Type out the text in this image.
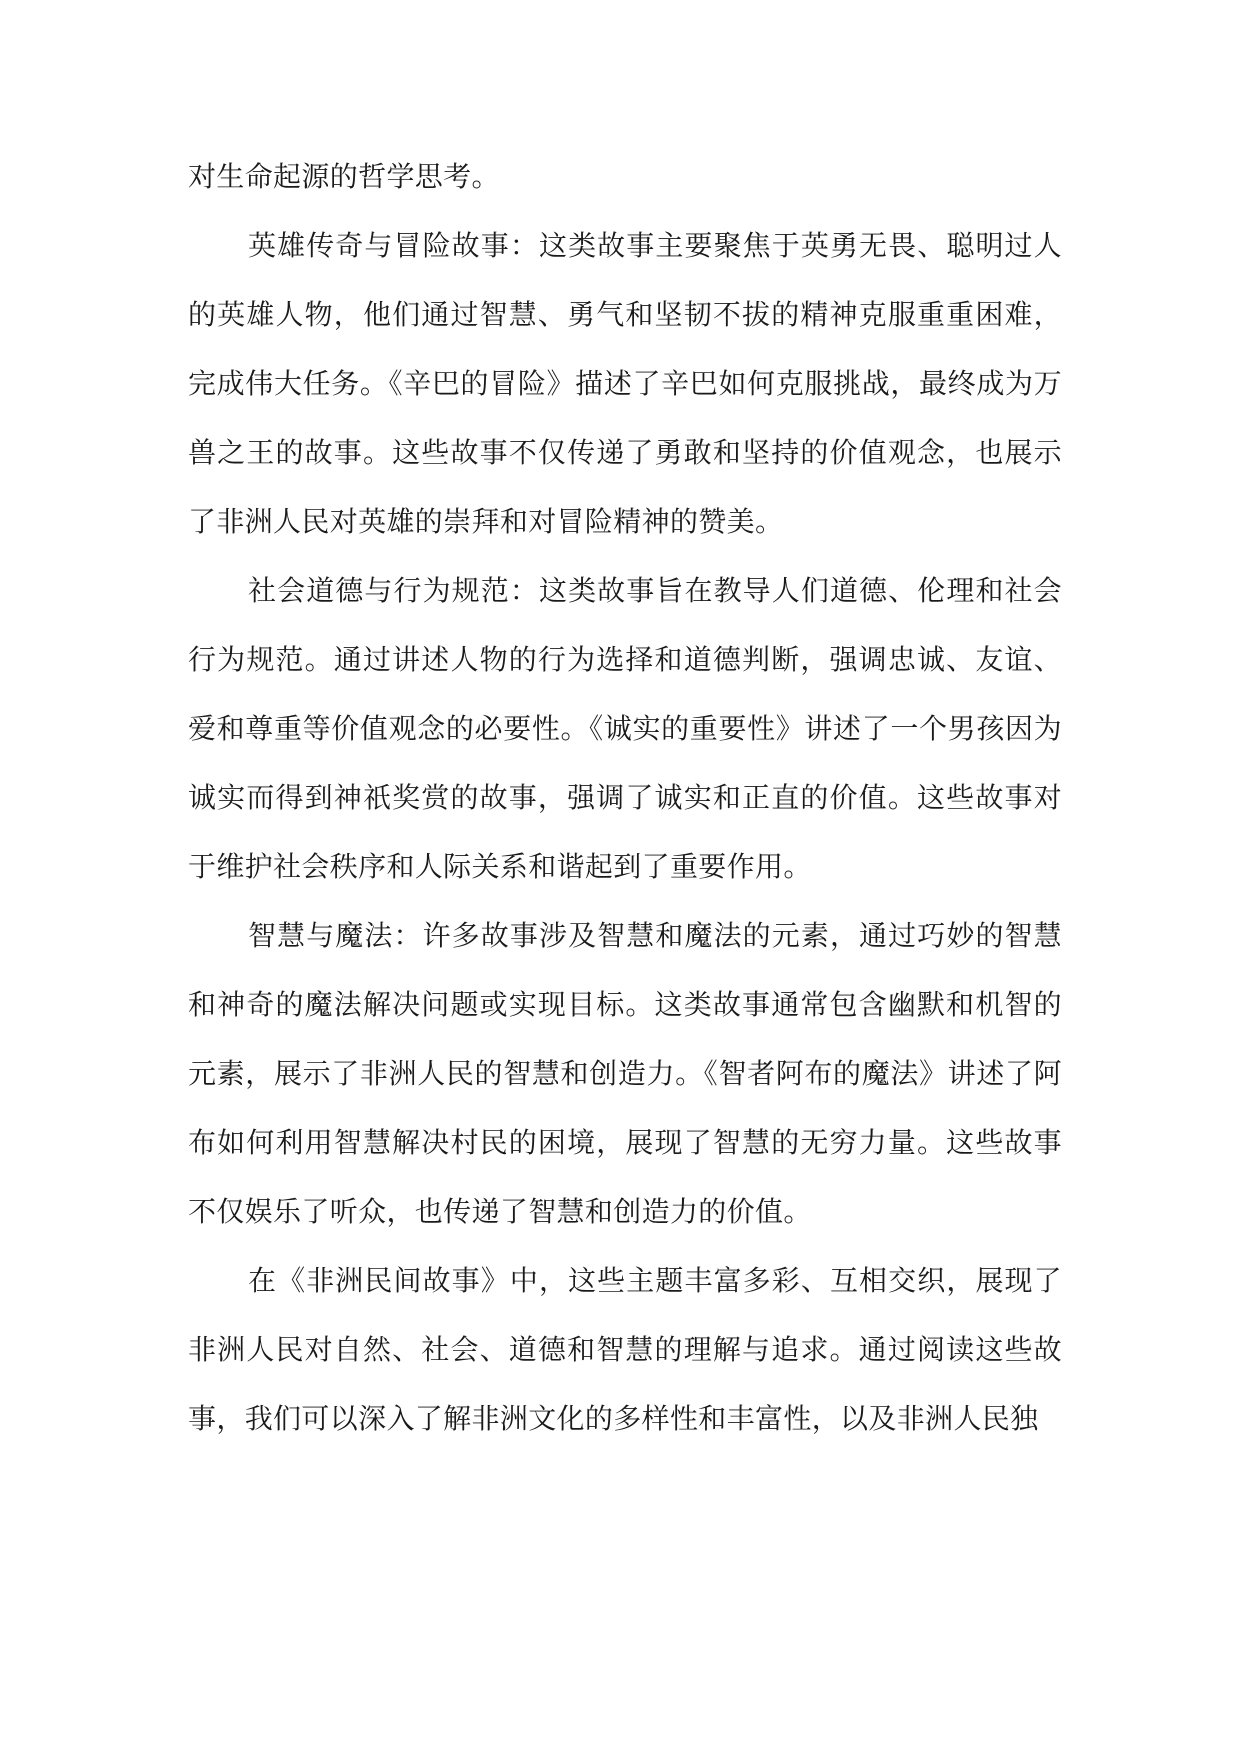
对生命起源的哲学思考。

英雄传奇与冒险故事：这类故事主要聚焦于英勇无畏、聪明过人的英雄人物，他们通过智慧、勇气和坚韧不拔的精神克服重重困难，完成伟大任务。《辛巴的冒险》描述了辛巴如何克服挑战，最终成为万兽之王的故事。这些故事不仅传递了勇敢和坚持的价值观念，也展示了非洲人民对英雄的崇拜和对冒险精神的赞美。

社会道德与行为规范：这类故事旨在教导人们道德、伦理和社会行为规范。通过讲述人物的行为选择和道德判断，强调忠诚、友谊、爱和尊重等价值观念的必要性。《诚实的重要性》讲述了一个男孩因为诚实而得到神祇奖赏的故事，强调了诚实和正直的价值。这些故事对于维护社会秩序和人际关系和谐起到了重要作用。

智慧与魔法：许多故事涉及智慧和魔法的元素，通过巧妙的智慧和神奇的魔法解决问题或实现目标。这类故事通常包含幽默和机智的元素，展示了非洲人民的智慧和创造力。《智者阿布的魔法》讲述了阿布如何利用智慧解决村民的困境，展现了智慧的无穷力量。这些故事不仅娱乐了听众，也传递了智慧和创造力的价值。

在《非洲民间故事》中，这些主题丰富多彩、互相交织，展现了非洲人民对自然、社会、道德和智慧的理解与追求。通过阅读这些故事，我们可以深入了解非洲文化的多样性和丰富性，以及非洲人民独
